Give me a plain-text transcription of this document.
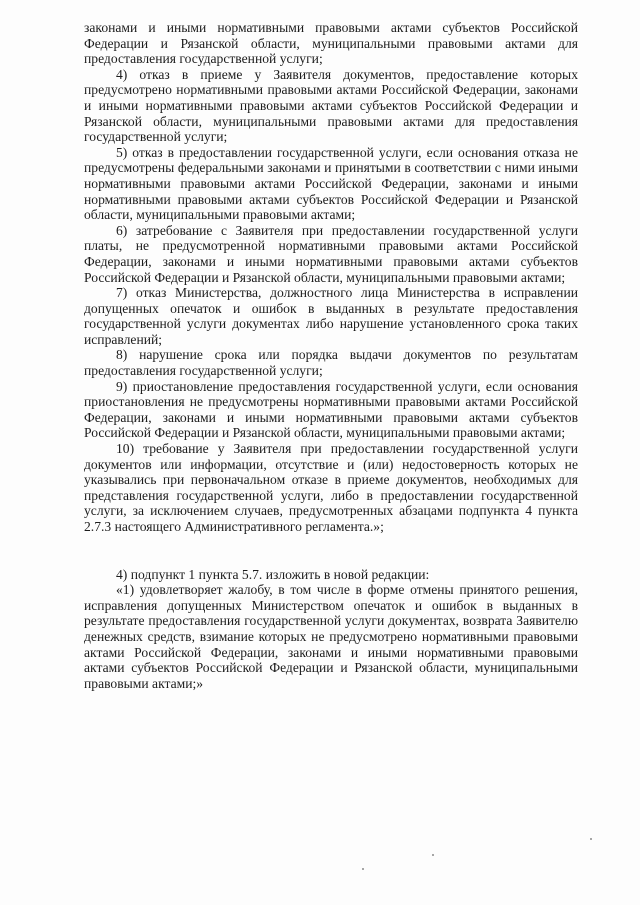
законами и иными нормативными правовыми актами субъектов Российской Федерации и Рязанской области, муниципальными правовыми актами для предоставления государственной услуги;

4) отказ в приеме у Заявителя документов, предоставление которых предусмотрено нормативными правовыми актами Российской Федерации, законами и иными нормативными правовыми актами субъектов Российской Федерации и Рязанской области, муниципальными правовыми актами для предоставления государственной услуги;

5) отказ в предоставлении государственной услуги, если основания отказа не предусмотрены федеральными законами и принятыми в соответствии с ними иными нормативными правовыми актами Российской Федерации, законами и иными нормативными правовыми актами субъектов Российской Федерации и Рязанской области, муниципальными правовыми актами;

6) затребование с Заявителя при предоставлении государственной услуги платы, не предусмотренной нормативными правовыми актами Российской Федерации, законами и иными нормативными правовыми актами субъектов Российской Федерации и Рязанской области, муниципальными правовыми актами;

7) отказ Министерства, должностного лица Министерства в исправлении допущенных опечаток и ошибок в выданных в результате предоставления государственной услуги документах либо нарушение установленного срока таких исправлений;

8) нарушение срока или порядка выдачи документов по результатам предоставления государственной услуги;

9) приостановление предоставления государственной услуги, если основания приостановления не предусмотрены нормативными правовыми актами Российской Федерации, законами и иными нормативными правовыми актами субъектов Российской Федерации и Рязанской области, муниципальными правовыми актами;

10) требование у Заявителя при предоставлении государственной услуги документов или информации, отсутствие и (или) недостоверность которых не указывались при первоначальном отказе в приеме документов, необходимых для представления государственной услуги, либо в предоставлении государственной услуги, за исключением случаев, предусмотренных абзацами подпункта 4 пункта 2.7.3 настоящего Административного регламента.»;

4) подпункт 1 пункта 5.7. изложить в новой редакции:

«1) удовлетворяет жалобу, в том числе в форме отмены принятого решения, исправления допущенных Министерством опечаток и ошибок в выданных в результате предоставления государственной услуги документах, возврата Заявителю денежных средств, взимание которых не предусмотрено нормативными правовыми актами Российской Федерации, законами и иными нормативными правовыми актами субъектов Российской Федерации и Рязанской области, муниципальными правовыми актами;»
